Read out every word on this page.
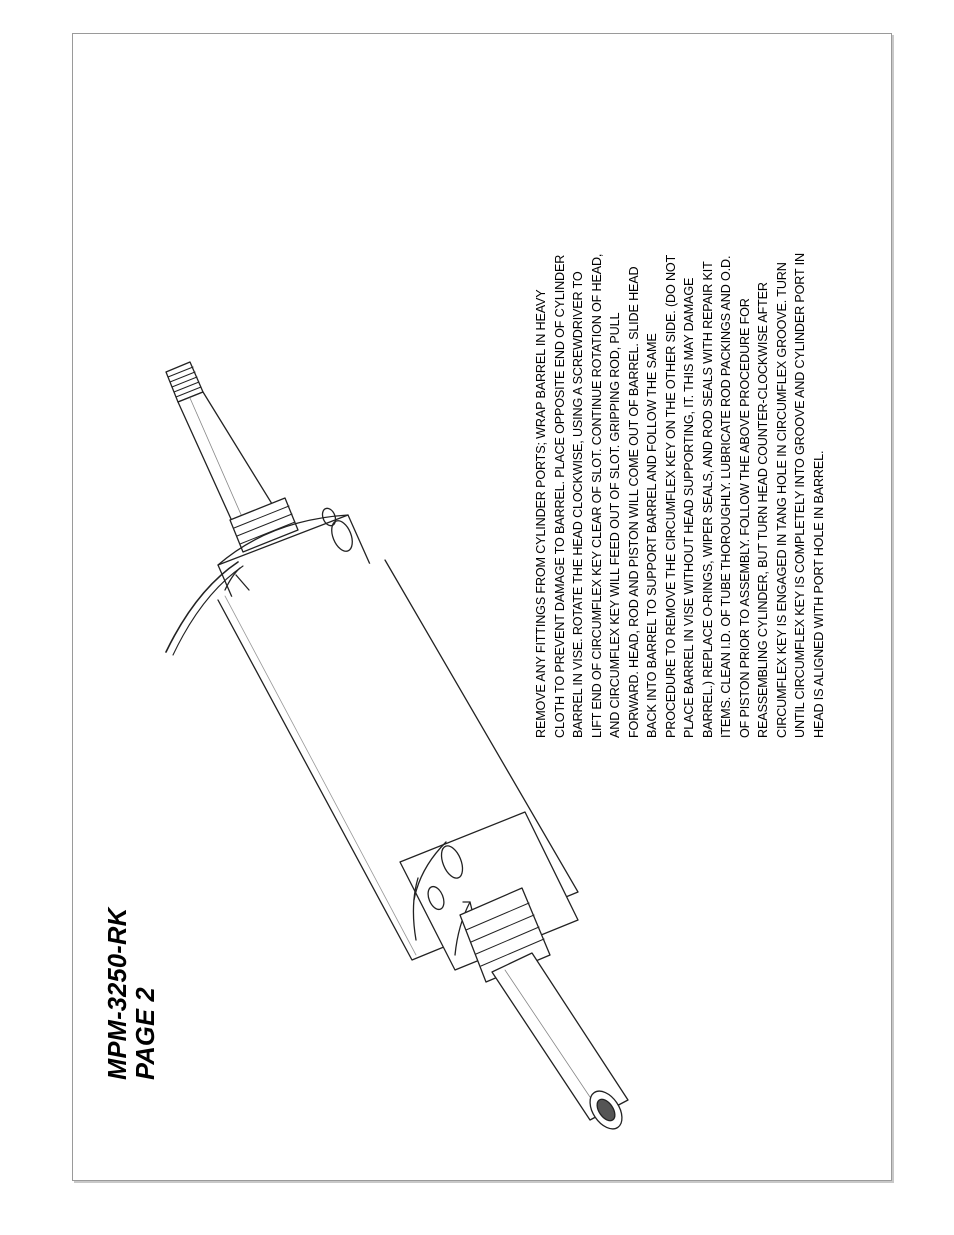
MPM-3250-RK PAGE 2
REMOVE ANY FITTINGS FROM CYLINDER PORTS; WRAP BARREL IN HEAVY CLOTH TO PREVENT DAMAGE TO BARREL. PLACE OPPOSITE END OF CYLINDER BARREL IN VISE. ROTATE THE HEAD CLOCKWISE, USING A SCREWDRIVER TO LIFT END OF CIRCUMFLEX KEY CLEAR OF SLOT. CONTINUE ROTATION OF HEAD, AND CIRCUMFLEX KEY WILL FEED OUT OF SLOT. GRIPPING ROD, PULL FORWARD. HEAD, ROD AND PISTON WILL COME OUT OF BARREL. SLIDE HEAD BACK INTO BARREL TO SUPPORT BARREL AND FOLLOW THE SAME PROCEDURE TO REMOVE THE CIRCUMFLEX KEY ON THE OTHER SIDE. (DO NOT PLACE BARREL IN VISE WITHOUT HEAD SUPPORTING, IT. THIS MAY DAMAGE BARREL.) REPLACE O-RINGS, WIPER SEALS, AND ROD SEALS WITH REPAIR KIT ITEMS. CLEAN I.D. OF TUBE THOROUGHLY. LUBRICATE ROD PACKINGS AND O.D. OF PISTON PRIOR TO ASSEMBLY. FOLLOW THE ABOVE PROCEDURE FOR REASSEMBLING CYLINDER, BUT TURN HEAD COUNTER-CLOCKWISE AFTER CIRCUMFLEX KEY IS ENGAGED IN TANG HOLE IN CIRCUMFLEX GROOVE. TURN UNTIL CIRCUMFLEX KEY IS COMPLETELY INTO GROOVE AND CYLINDER PORT IN HEAD IS ALIGNED WITH PORT HOLE IN BARREL.
